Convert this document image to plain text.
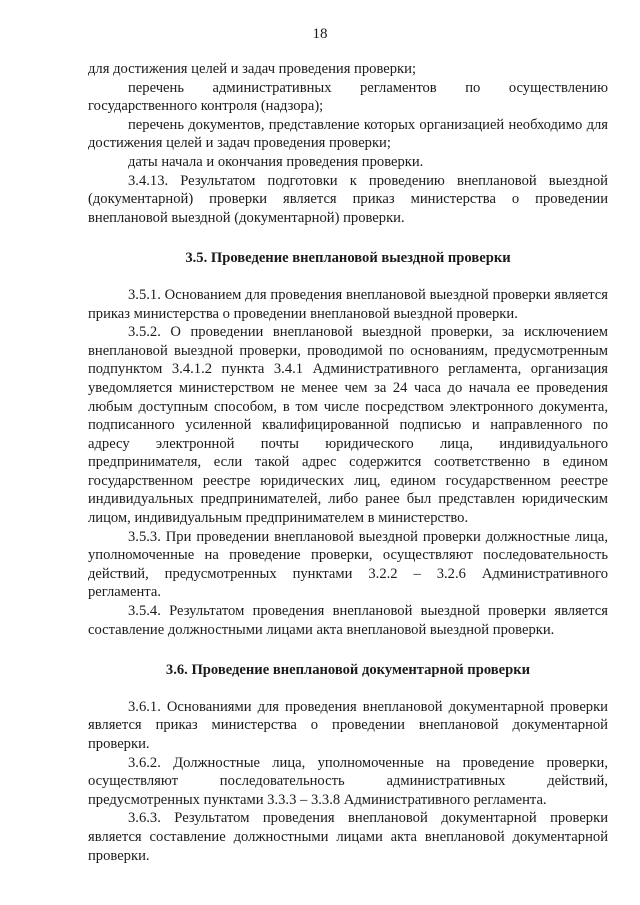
18

для достижения целей и задач проведения проверки;

перечень административных регламентов по осуществлению государственного контроля (надзора);

перечень документов, представление которых организацией необходимо для достижения целей и задач проведения проверки;

даты начала и окончания проведения проверки.

3.4.13. Результатом подготовки к проведению внеплановой выездной (документарной) проверки является приказ министерства о проведении внеплановой выездной (документарной) проверки.

3.5. Проведение внеплановой выездной проверки

3.5.1. Основанием для проведения внеплановой выездной проверки является приказ министерства о проведении внеплановой выездной проверки.

3.5.2. О проведении внеплановой выездной проверки, за исключением внеплановой выездной проверки, проводимой по основаниям, предусмотренным подпунктом 3.4.1.2 пункта 3.4.1 Административного регламента, организация уведомляется министерством не менее чем за 24 часа до начала ее проведения любым доступным способом, в том числе посредством электронного документа, подписанного усиленной квалифицированной подписью и направленного по адресу электронной почты юридического лица, индивидуального предпринимателя, если такой адрес содержится соответственно в едином государственном реестре юридических лиц, едином государственном реестре индивидуальных предпринимателей, либо ранее был представлен юридическим лицом, индивидуальным предпринимателем в министерство.

3.5.3. При проведении внеплановой выездной проверки должностные лица, уполномоченные на проведение проверки, осуществляют последовательность действий, предусмотренных пунктами 3.2.2 – 3.2.6 Административного регламента.

3.5.4. Результатом проведения внеплановой выездной проверки является составление должностными лицами акта внеплановой выездной проверки.

3.6. Проведение внеплановой документарной проверки

3.6.1. Основаниями для проведения внеплановой документарной проверки является приказ министерства о проведении внеплановой документарной проверки.

3.6.2. Должностные лица, уполномоченные на проведение проверки, осуществляют последовательность административных действий, предусмотренных пунктами 3.3.3 – 3.3.8 Административного регламента.

3.6.3. Результатом проведения внеплановой документарной проверки является составление должностными лицами акта внеплановой документарной проверки.
